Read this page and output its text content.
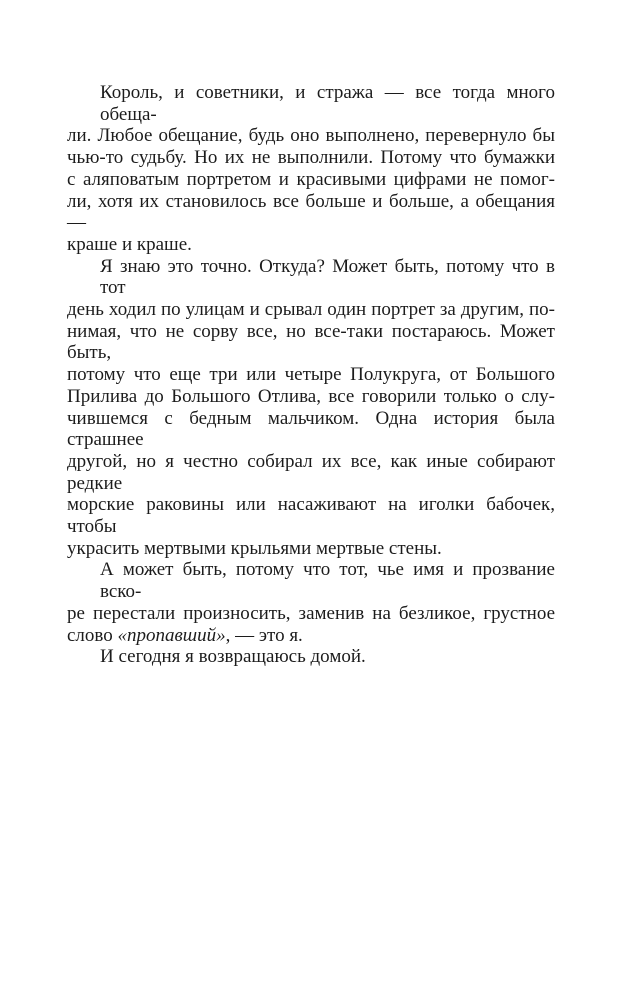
Король, и советники, и стража — все тогда много обеща-
ли. Любое обещание, будь оно выполнено, перевернуло бы
чью-то судьбу. Но их не выполнили. Потому что бумажки
с аляповатым портретом и красивыми цифрами не помог-
ли, хотя их становилось все больше и больше, а обещания —
краше и краше.
Я знаю это точно. Откуда? Может быть, потому что в тот
день ходил по улицам и срывал один портрет за другим, по-
нимая, что не сорву все, но все-таки постараюсь. Может быть,
потому что еще три или четыре Полукруга, от Большого
Прилива до Большого Отлива, все говорили только о слу-
чившемся с бедным мальчиком. Одна история была страшнее
другой, но я честно собирал их все, как иные собирают редкие
морские раковины или насаживают на иголки бабочек, чтобы
украсить мертвыми крыльями мертвые стены.
А может быть, потому что тот, чье имя и прозвание вско-
ре перестали произносить, заменив на безликое, грустное
слово «пропавший», — это я.
И сегодня я возвращаюсь домой.
